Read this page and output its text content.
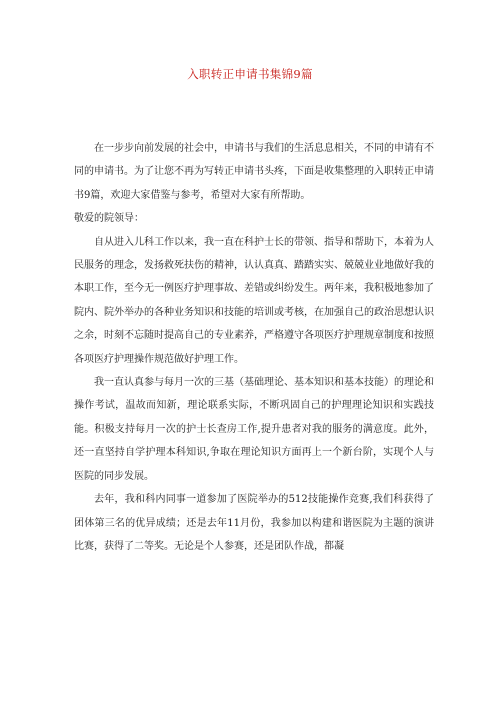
入职转正申请书集锦9篇

在一步步向前发展的社会中，申请书与我们的生活息息相关，不同的申请有不同的申请书。为了让您不再为写转正申请书头疼，下面是收集整理的入职转正申请书9篇，欢迎大家借鉴与参考，希望对大家有所帮助。

敬爱的院领导：

自从进入儿科工作以来，我一直在科护士长的带领、指导和帮助下，本着为人民服务的理念，发扬救死扶伤的精神，认认真真、踏踏实实、兢兢业业地做好我的本职工作，至今无一例医疗护理事故、差错或纠纷发生。两年来，我积极地参加了院内、院外举办的各种业务知识和技能的培训或考核，在加强自己的政治思想认识之余，时刻不忘随时提高自己的专业素养，严格遵守各项医疗护理规章制度和按照各项医疗护理操作规范做好护理工作。

我一直认真参与每月一次的三基（基础理论、基本知识和基本技能）的理论和操作考试，温故而知新，理论联系实际，不断巩固自己的护理理论知识和实践技能。积极支持每月一次的护士长查房工作,提升患者对我的服务的满意度。此外，还一直坚持自学护理本科知识,争取在理论知识方面再上一个新台阶，实现个人与医院的同步发展。

去年，我和科内同事一道参加了医院举办的512技能操作竞赛,我们科获得了团体第三名的优异成绩；还是去年11月份，我参加以构建和谐医院为主题的演讲比赛，获得了二等奖。无论是个人参赛，还是团队作战，都凝
